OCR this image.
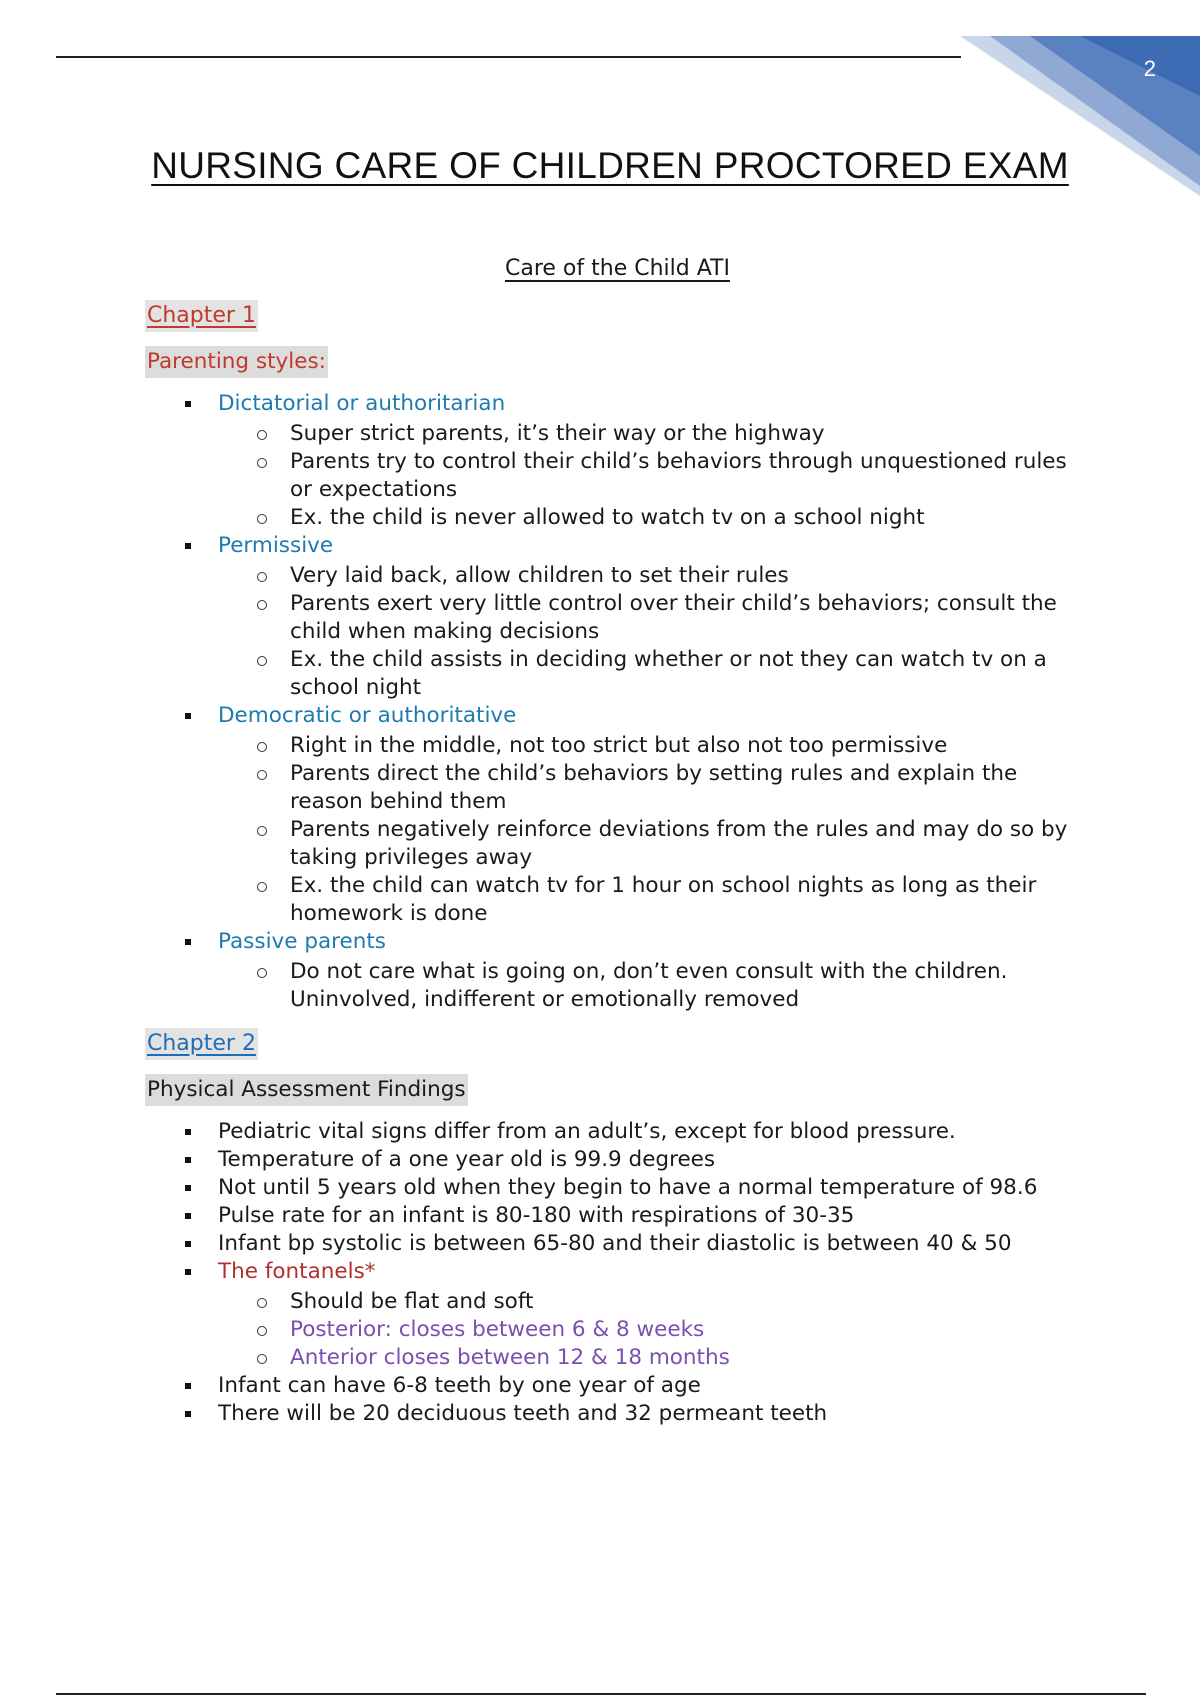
2
NURSING CARE OF CHILDREN PROCTORED EXAM
Care of the Child ATI
Chapter 1
Parenting styles:
Dictatorial or authoritarian
Super strict parents, it’s their way or the highway
Parents try to control their child’s behaviors through unquestioned rules or expectations
Ex. the child is never allowed to watch tv on a school night
Permissive
Very laid back, allow children to set their rules
Parents exert very little control over their child’s behaviors; consult the child when making decisions
Ex. the child assists in deciding whether or not they can watch tv on a school night
Democratic or authoritative
Right in the middle, not too strict but also not too permissive
Parents direct the child’s behaviors by setting rules and explain the reason behind them
Parents negatively reinforce deviations from the rules and may do so by taking privileges away
Ex. the child can watch tv for 1 hour on school nights as long as their homework is done
Passive parents
Do not care what is going on, don’t even consult with the children. Uninvolved, indifferent or emotionally removed
Chapter 2
Physical Assessment Findings
Pediatric vital signs differ from an adult’s, except for blood pressure.
Temperature of a one year old is 99.9 degrees
Not until 5 years old when they begin to have a normal temperature of 98.6
Pulse rate for an infant is 80-180 with respirations of 30-35
Infant bp systolic is between 65-80 and their diastolic is between 40 & 50
The fontanels*
Should be flat and soft
Posterior: closes between 6 & 8 weeks
Anterior closes between 12 & 18 months
Infant can have 6-8 teeth by one year of age
There will be 20 deciduous teeth and 32 permeant teeth
